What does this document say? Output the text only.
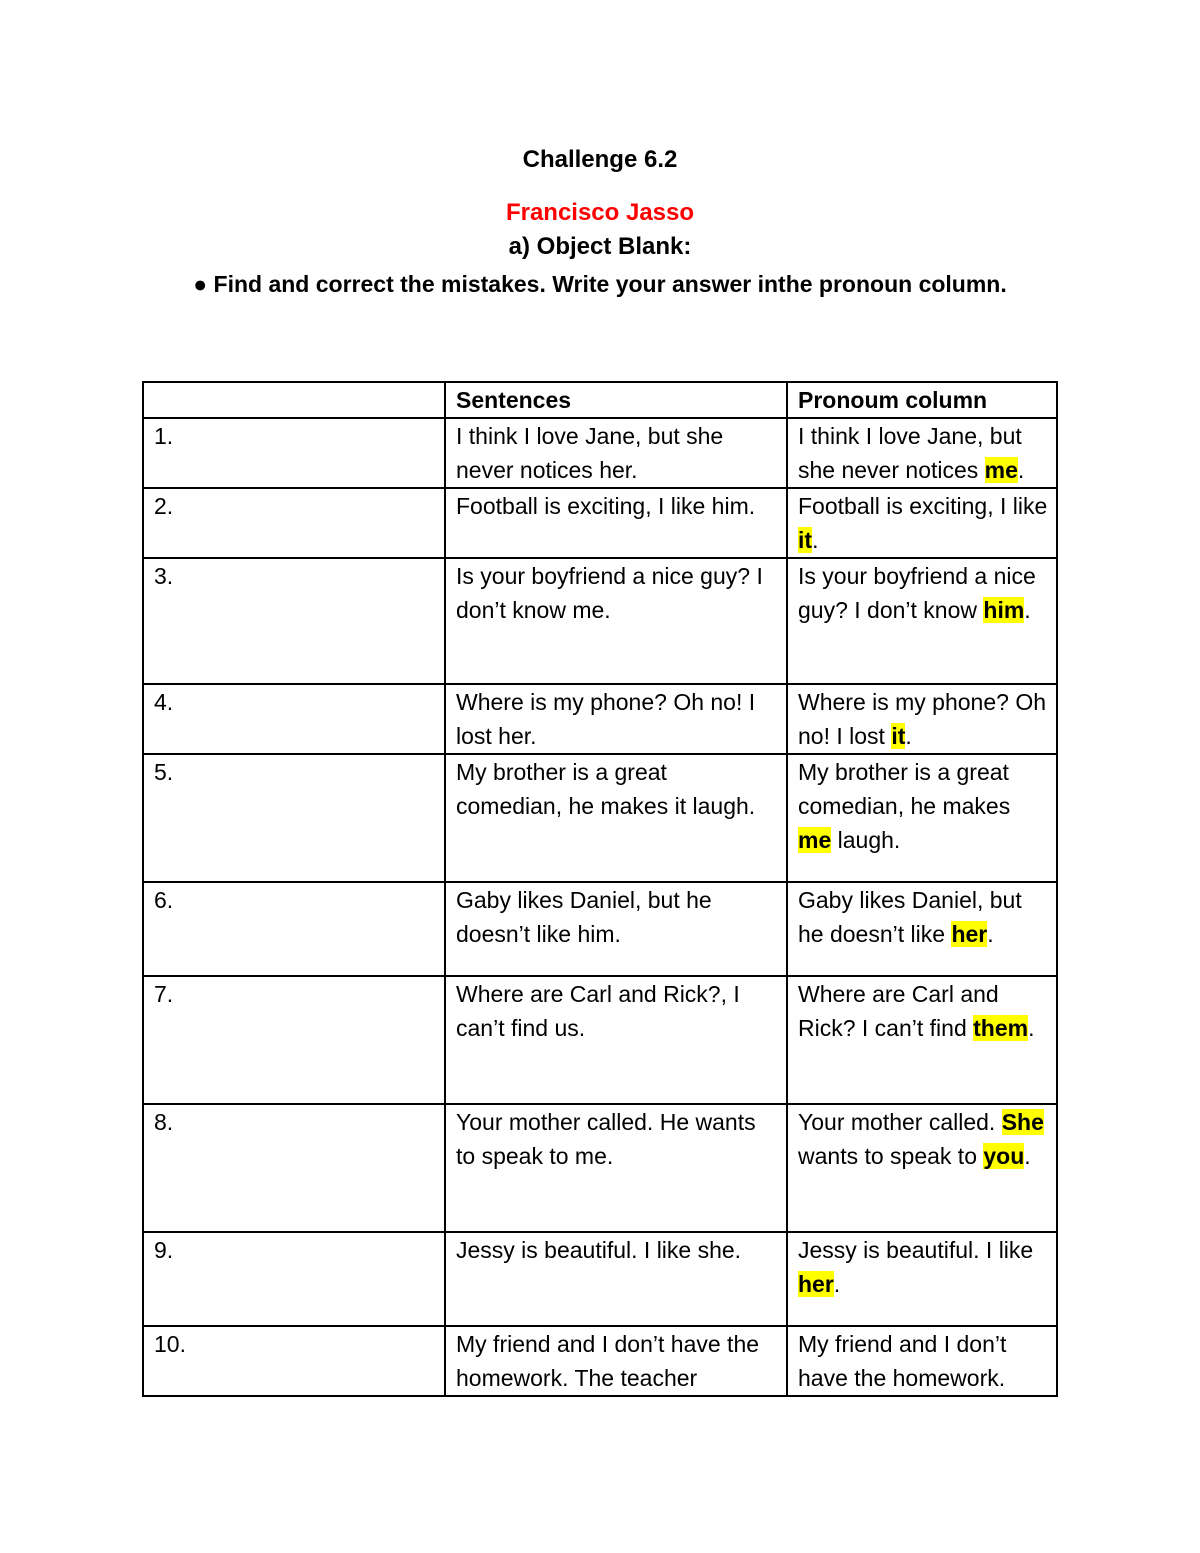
Challenge 6.2
Francisco Jasso
a) Object Blank:
● Find and correct the mistakes. Write your answer inthe pronoun column.
	Sentences	Pronoum column
1.	I think I love Jane, but she never notices her.	I think I love Jane, but she never notices me.
2.	Football is exciting, I like him.	Football is exciting, I like it.
3.	Is your boyfriend a nice guy? I don’t know me.	Is your boyfriend a nice guy? I don’t know him.
4.	Where is my phone? Oh no! I lost her.	Where is my phone? Oh no! I lost it.
5.	My brother is a great comedian, he makes it laugh.	My brother is a great comedian, he makes me laugh.
6.	Gaby likes Daniel, but he doesn’t like him.	Gaby likes Daniel, but he doesn’t like her.
7.	Where are Carl and Rick?, I can’t find us.	Where are Carl and Rick? I can’t find them.
8.	Your mother called. He wants to speak to me.	Your mother called. She wants to speak to you.
9.	Jessy is beautiful. I like she.	Jessy is beautiful. I like her.
10.	My friend and I don’t have the homework. The teacher	My friend and I don’t have the homework.
